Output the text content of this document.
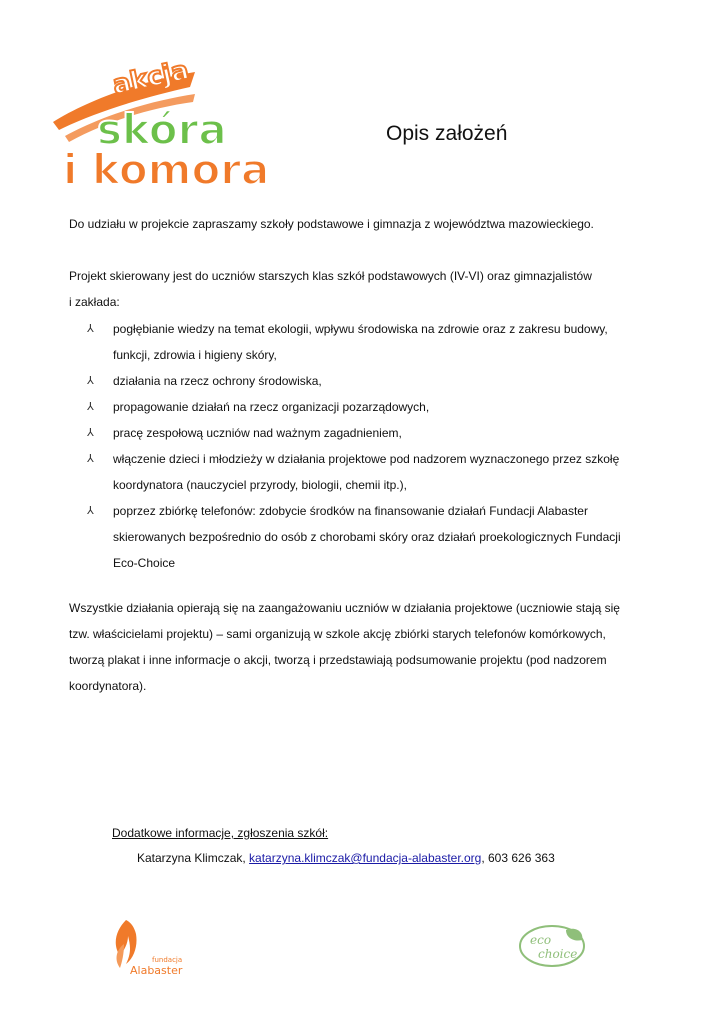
akcja
skóra
i komora
Opis założeń
Do udziału w projekcie zapraszamy szkoły podstawowe i gimnazja z województwa mazowieckiego.
Projekt skierowany jest do uczniów starszych klas szkół podstawowych (IV-VI) oraz gimnazjalistów
i zakłada:
⅄ pogłębianie wiedzy na temat ekologii, wpływu środowiska na zdrowie oraz z zakresu budowy,
funkcji, zdrowia i higieny skóry,
⅄ działania na rzecz ochrony środowiska,
⅄ propagowanie działań na rzecz organizacji pozarządowych,
⅄ pracę zespołową uczniów nad ważnym zagadnieniem,
⅄ włączenie dzieci i młodzieży w działania projektowe pod nadzorem wyznaczonego przez szkołę
koordynatora (nauczyciel przyrody, biologii, chemii itp.),
⅄ poprzez zbiórkę telefonów: zdobycie środków na finansowanie działań Fundacji Alabaster
skierowanych bezpośrednio do osób z chorobami skóry oraz działań proekologicznych Fundacji
Eco-Choice
Wszystkie działania opierają się na zaangażowaniu uczniów w działania projektowe (uczniowie stają się
tzw. właścicielami projektu) – sami organizują w szkole akcję zbiórki starych telefonów komórkowych,
tworzą plakat i inne informacje o akcji, tworzą i przedstawiają podsumowanie projektu (pod nadzorem
koordynatora).
Dodatkowe informacje, zgłoszenia szkół:
Katarzyna Klimczak, katarzyna.klimczak@fundacja-alabaster.org, 603 626 363
fundacja
Alabaster
eco
choice
